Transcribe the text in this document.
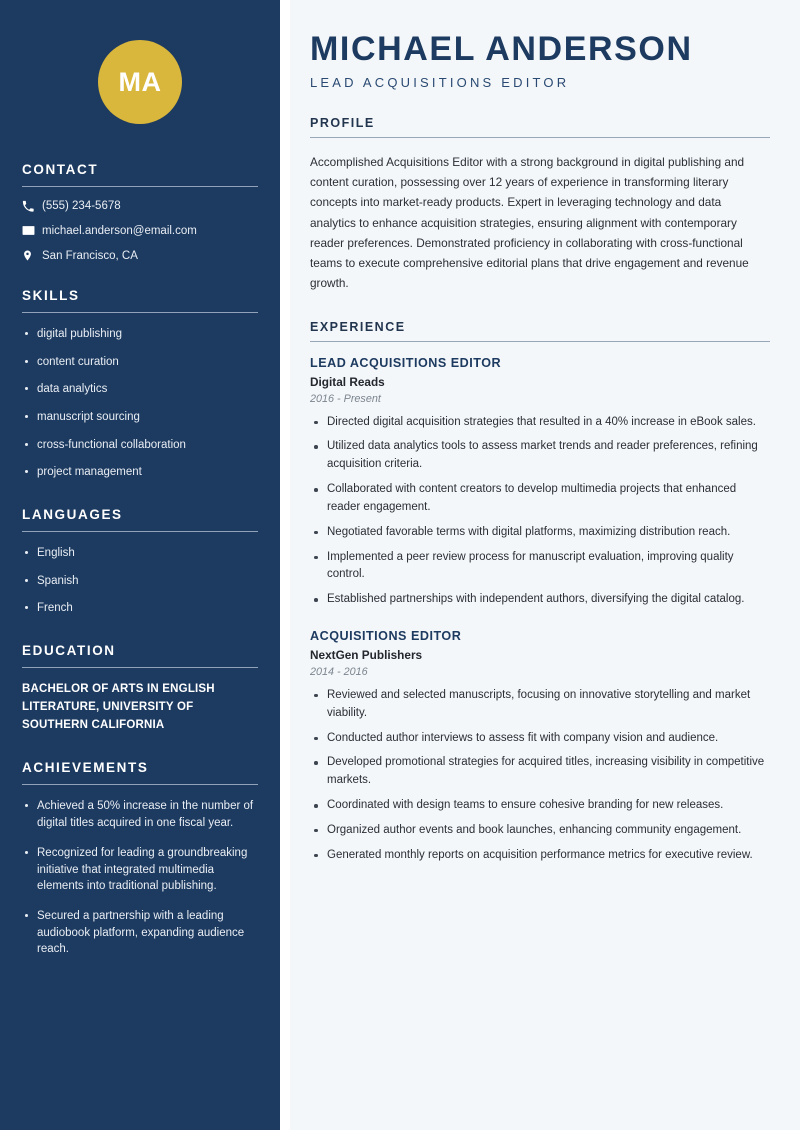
MA
CONTACT
(555) 234-5678
michael.anderson@email.com
San Francisco, CA
SKILLS
digital publishing
content curation
data analytics
manuscript sourcing
cross-functional collaboration
project management
LANGUAGES
English
Spanish
French
EDUCATION
BACHELOR OF ARTS IN ENGLISH LITERATURE, UNIVERSITY OF SOUTHERN CALIFORNIA
ACHIEVEMENTS
Achieved a 50% increase in the number of digital titles acquired in one fiscal year.
Recognized for leading a groundbreaking initiative that integrated multimedia elements into traditional publishing.
Secured a partnership with a leading audiobook platform, expanding audience reach.
MICHAEL ANDERSON
LEAD ACQUISITIONS EDITOR
PROFILE

Accomplished Acquisitions Editor with a strong background in digital publishing and content curation, possessing over 12 years of experience in transforming literary concepts into market-ready products. Expert in leveraging technology and data analytics to enhance acquisition strategies, ensuring alignment with contemporary reader preferences. Demonstrated proficiency in collaborating with cross-functional teams to execute comprehensive editorial plans that drive engagement and revenue growth.

EXPERIENCE
LEAD ACQUISITIONS EDITOR
Digital Reads
2016 - Present
Directed digital acquisition strategies that resulted in a 40% increase in eBook sales.
Utilized data analytics tools to assess market trends and reader preferences, refining acquisition criteria.
Collaborated with content creators to develop multimedia projects that enhanced reader engagement.
Negotiated favorable terms with digital platforms, maximizing distribution reach.
Implemented a peer review process for manuscript evaluation, improving quality control.
Established partnerships with independent authors, diversifying the digital catalog.
ACQUISITIONS EDITOR
NextGen Publishers
2014 - 2016
Reviewed and selected manuscripts, focusing on innovative storytelling and market viability.
Conducted author interviews to assess fit with company vision and audience.
Developed promotional strategies for acquired titles, increasing visibility in competitive markets.
Coordinated with design teams to ensure cohesive branding for new releases.
Organized author events and book launches, enhancing community engagement.
Generated monthly reports on acquisition performance metrics for executive review.
